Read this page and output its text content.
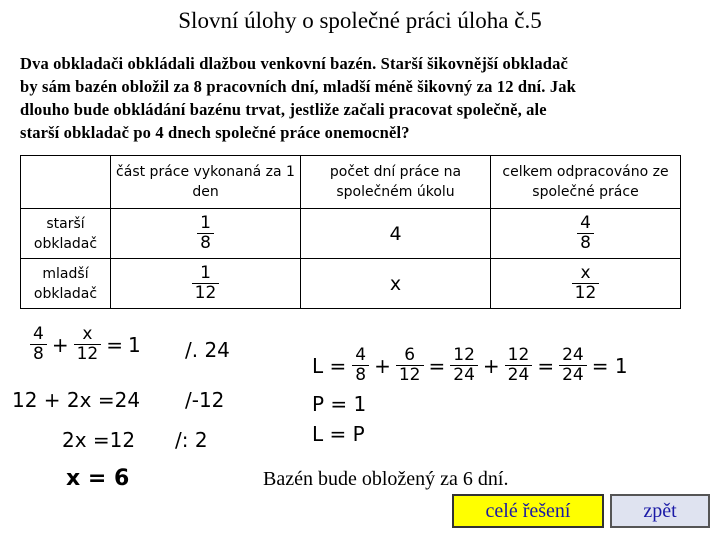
Slovní úlohy o společné práci úloha č.5
Dva obkladači obkládali dlažbou venkovní bazén. Starší šikovnější obkladač
by sám bazén obložil za 8 pracovních dní, mladší méně šikovný za 12 dní. Jak
dlouho bude obkládání bazénu trvat, jestliže začali pracovat společně, ale
starší obkladač po 4 dnech společné práce onemocněl?
	část práce vykonaná za 1 den	počet dní práce na společném úkolu	celkem odpracováno ze společné práce
starší obkladač	$\frac{1}{8}$	4	$\frac{4}{8}$

mladší obkladač	$\frac{1}{12}$	x	$\frac{x}{12}$
$\frac{4}{8} + \frac{x}{12} = 1$ /. 24
12 + 2x =24 /-12
2x =12 /: 2
x = 6
$L = \frac{4}{8} + \frac{6}{12} = \frac{12}{24} + \frac{12}{24} = \frac{24}{24} = 1$
P = 1
L = P
Bazén bude obložený za 6 dní.
celé řešení	zpět
